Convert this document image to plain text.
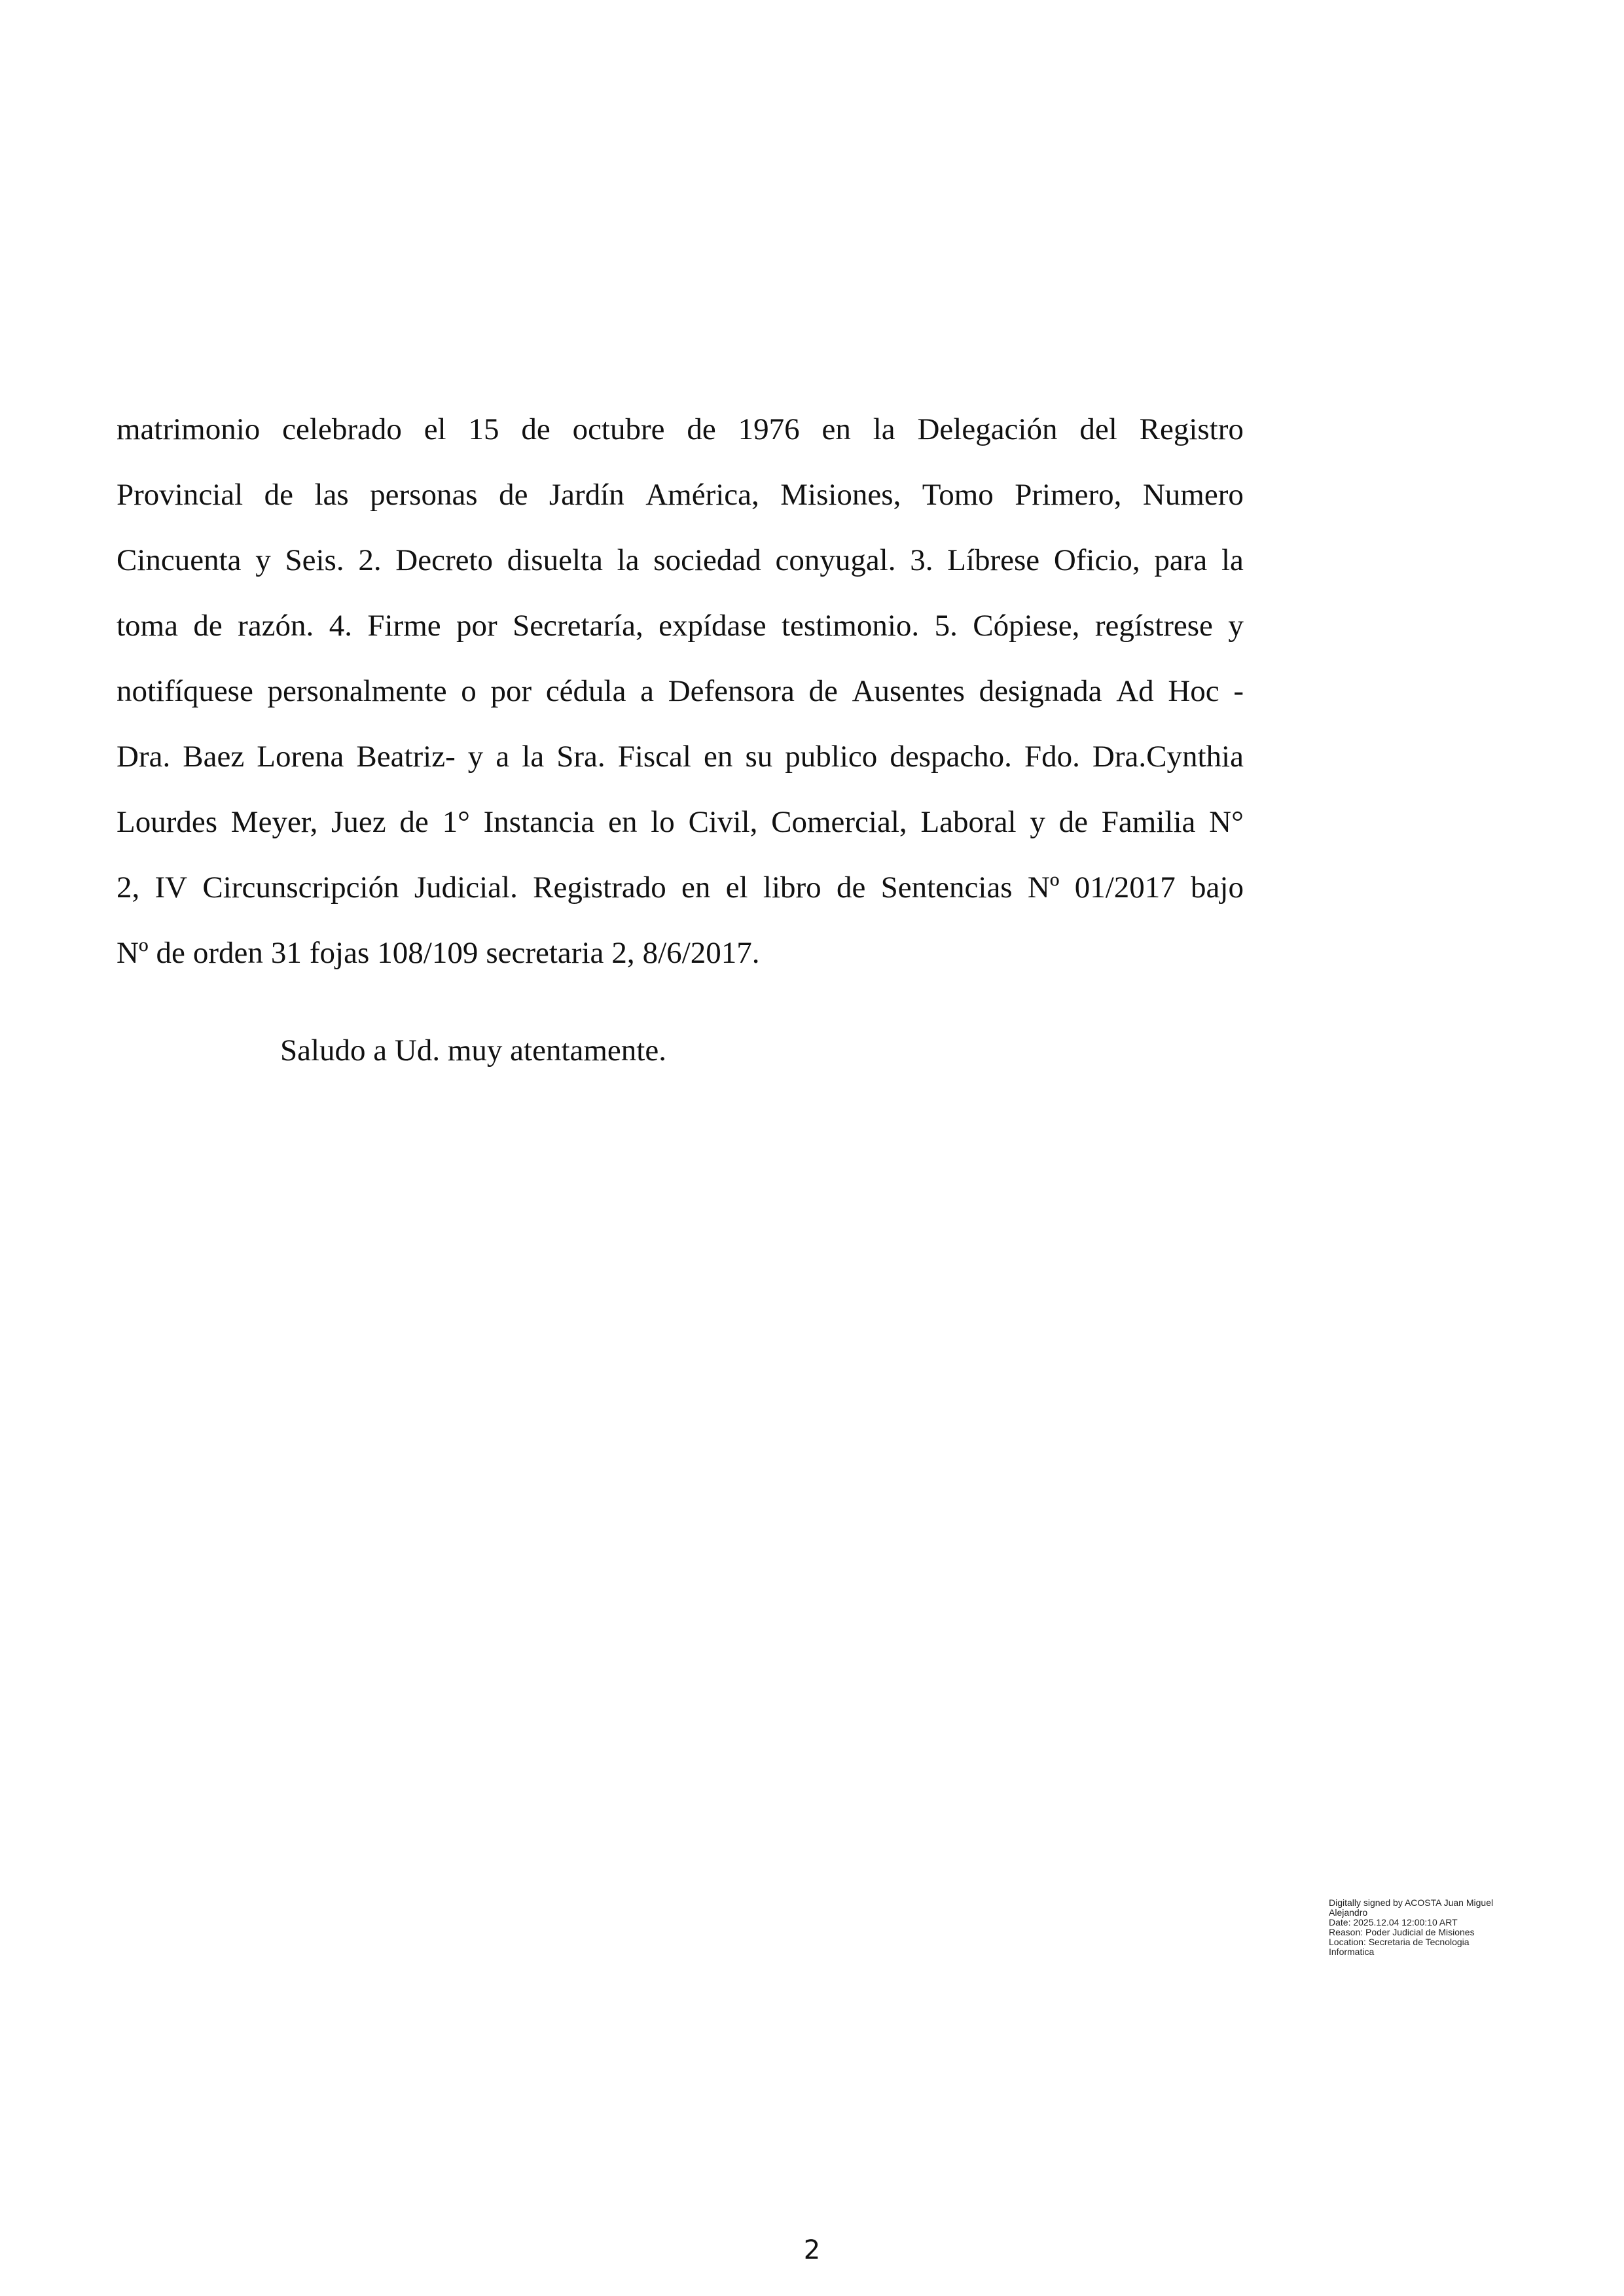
matrimonio celebrado el 15 de octubre de 1976 en la Delegación del Registro
Provincial de las personas de Jardín América, Misiones, Tomo Primero, Numero
Cincuenta y Seis. 2. Decreto disuelta la sociedad conyugal. 3. Líbrese Oficio, para la
toma de razón. 4. Firme por Secretaría, expídase testimonio. 5. Cópiese, regístrese y
notifíquese personalmente o por cédula a Defensora de Ausentes designada Ad Hoc -
Dra. Baez Lorena Beatriz- y a la Sra. Fiscal en su publico despacho. Fdo. Dra.Cynthia
Lourdes Meyer, Juez de 1° Instancia en lo Civil, Comercial, Laboral y de Familia N°
2, IV Circunscripción Judicial. Registrado en el libro de Sentencias Nº 01/2017 bajo
Nº de orden 31 fojas 108/109 secretaria 2, 8/6/2017.

Saludo a Ud. muy atentamente.

Digitally signed by ACOSTA Juan Miguel
Alejandro
Date: 2025.12.04 12:00:10 ART
Reason: Poder Judicial de Misiones
Location: Secretaria de Tecnologia
Informatica
2
